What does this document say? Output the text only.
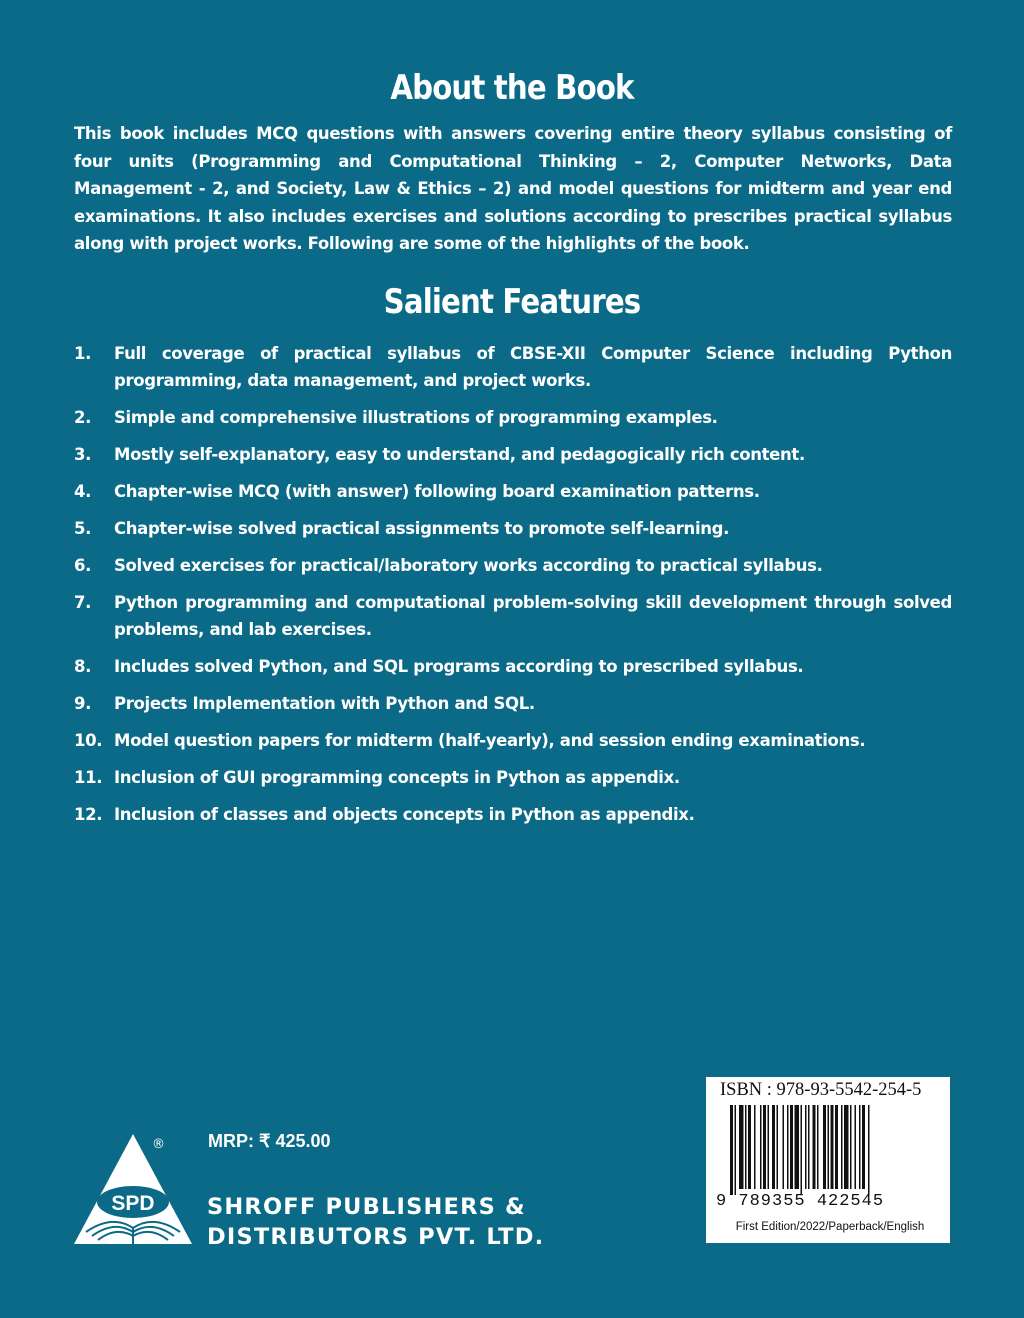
About the Book

This book includes MCQ questions with answers covering entire theory syllabus consisting of four units (Programming and Computational Thinking – 2, Computer Networks, Data Management - 2, and Society, Law & Ethics – 2) and model questions for midterm and year end examinations. It also includes exercises and solutions according to prescribes practical syllabus along with project works. Following are some of the highlights of the book.

Salient Features
1.	Full coverage of practical syllabus of CBSE-XII Computer Science including Python programming, data management, and project works.
2.	Simple and comprehensive illustrations of programming examples.
3.	Mostly self-explanatory, easy to understand, and pedagogically rich content.
4.	Chapter-wise MCQ (with answer) following board examination patterns.
5.	Chapter-wise solved practical assignments to promote self-learning.
6.	Solved exercises for practical/laboratory works according to practical syllabus.
7.	Python programming and computational problem-solving skill development through solved problems, and lab exercises.
8.	Includes solved Python, and SQL programs according to prescribed syllabus.
9.	Projects Implementation with Python and SQL.
10. Model question papers for midterm (half-yearly), and session ending examinations.
11. Inclusion of GUI programming concepts in Python as appendix.
12. Inclusion of classes and objects concepts in Python as appendix.
SPD
® MRP: ₹ 425.00
SHROFF PUBLISHERS &
DISTRIBUTORS PVT. LTD.
ISBN : 978-93-5542-254-5
9 789355 422545
First Edition/2022/Paperback/English
